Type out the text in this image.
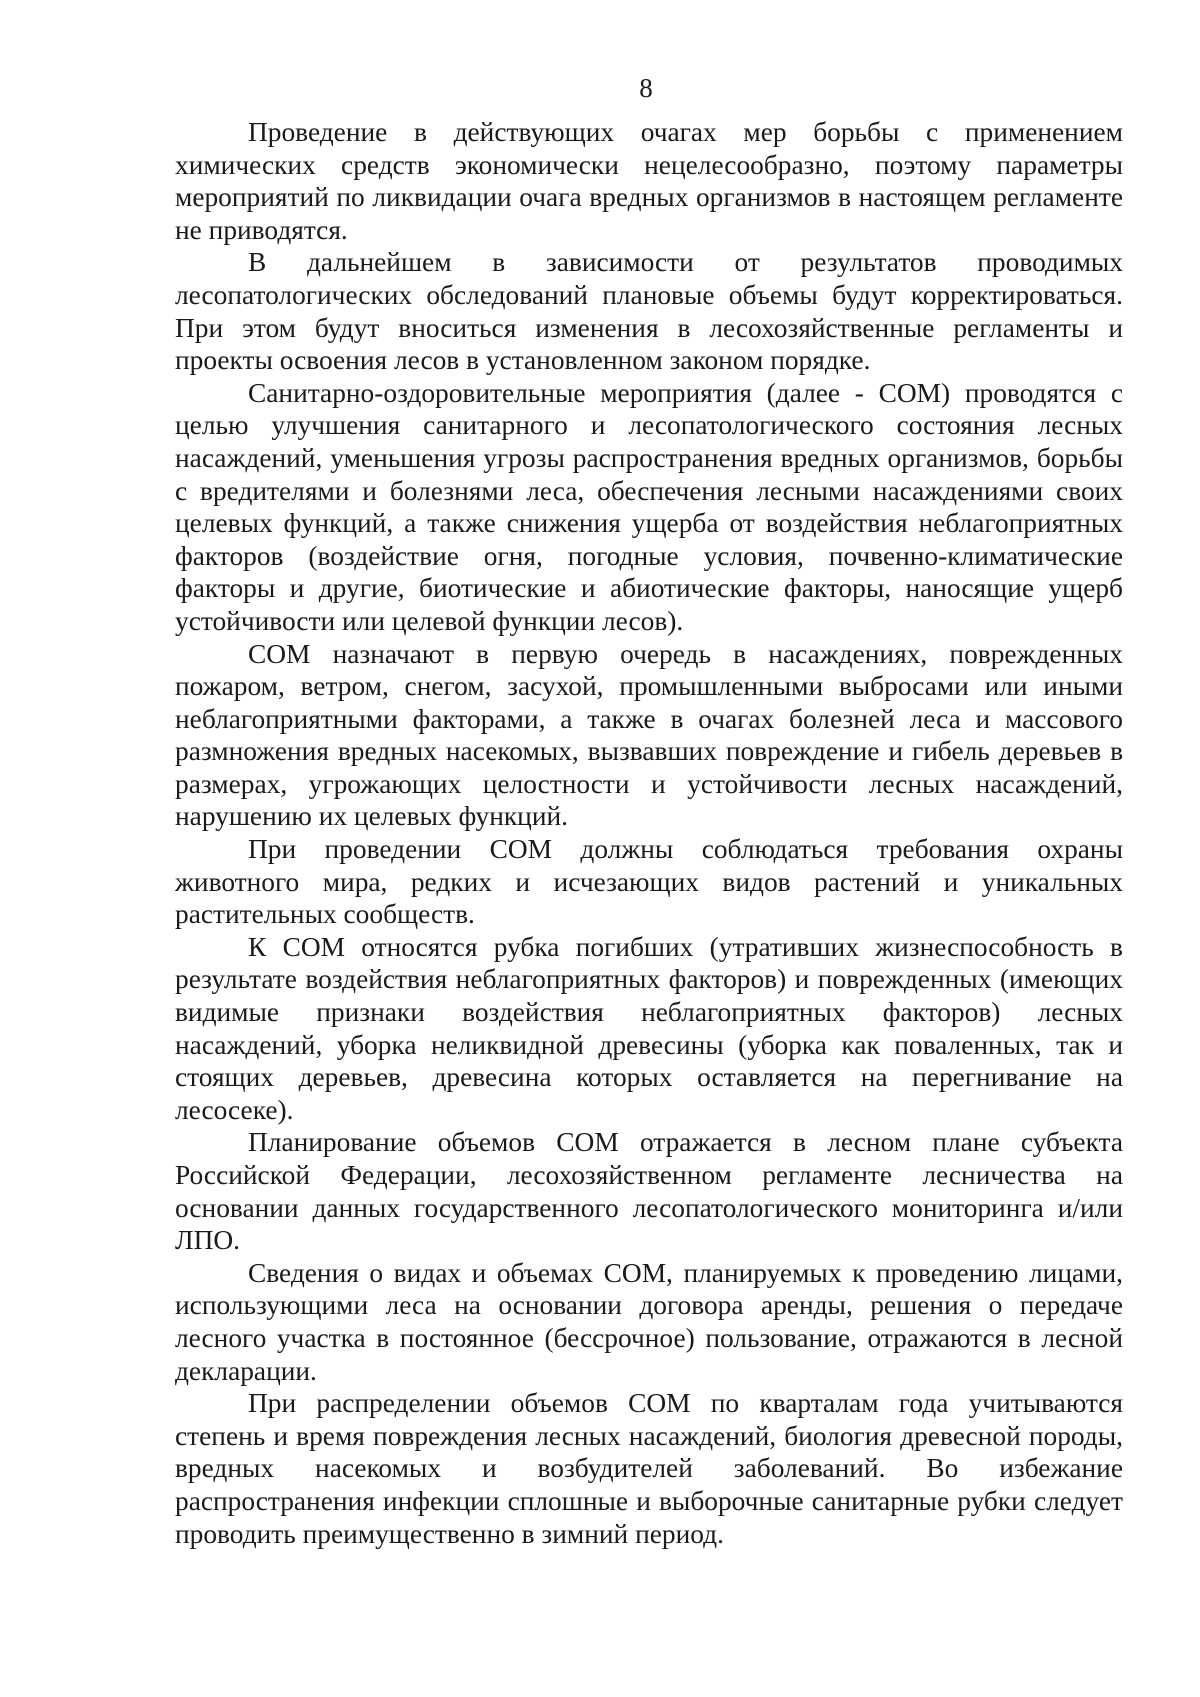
8

Проведение в действующих очагах мер борьбы с применением химических средств экономически нецелесообразно, поэтому параметры мероприятий по ликвидации очага вредных организмов в настоящем регламенте не приводятся.

В дальнейшем в зависимости от результатов проводимых лесопатологических обследований плановые объемы будут корректироваться. При этом будут вноситься изменения в лесохозяйственные регламенты и проекты освоения лесов в установленном законом порядке.

Санитарно-оздоровительные мероприятия (далее - СОМ) проводятся с целью улучшения санитарного и лесопатологического состояния лесных насаждений, уменьшения угрозы распространения вредных организмов, борьбы с вредителями и болезнями леса, обеспечения лесными насаждениями своих целевых функций, а также снижения ущерба от воздействия неблагоприятных факторов (воздействие огня, погодные условия, почвенно-климатические факторы и другие, биотические и абиотические факторы, наносящие ущерб устойчивости или целевой функции лесов).

СОМ назначают в первую очередь в насаждениях, поврежденных пожаром, ветром, снегом, засухой, промышленными выбросами или иными неблагоприятными факторами, а также в очагах болезней леса и массового размножения вредных насекомых, вызвавших повреждение и гибель деревьев в размерах, угрожающих целостности и устойчивости лесных насаждений, нарушению их целевых функций.

При проведении СОМ должны соблюдаться требования охраны животного мира, редких и исчезающих видов растений и уникальных растительных сообществ.

К СОМ относятся рубка погибших (утративших жизнеспособность в результате воздействия неблагоприятных факторов) и поврежденных (имеющих видимые признаки воздействия неблагоприятных факторов) лесных насаждений, уборка неликвидной древесины (уборка как поваленных, так и стоящих деревьев, древесина которых оставляется на перегнивание на лесосеке).

Планирование объемов СОМ отражается в лесном плане субъекта Российской Федерации, лесохозяйственном регламенте лесничества на основании данных государственного лесопатологического мониторинга и/или ЛПО.

Сведения о видах и объемах СОМ, планируемых к проведению лицами, использующими леса на основании договора аренды, решения о передаче лесного участка в постоянное (бессрочное) пользование, отражаются в лесной декларации.

При распределении объемов СОМ по кварталам года учитываются степень и время повреждения лесных насаждений, биология древесной породы, вредных насекомых и возбудителей заболеваний. Во избежание распространения инфекции сплошные и выборочные санитарные рубки следует проводить преимущественно в зимний период.
